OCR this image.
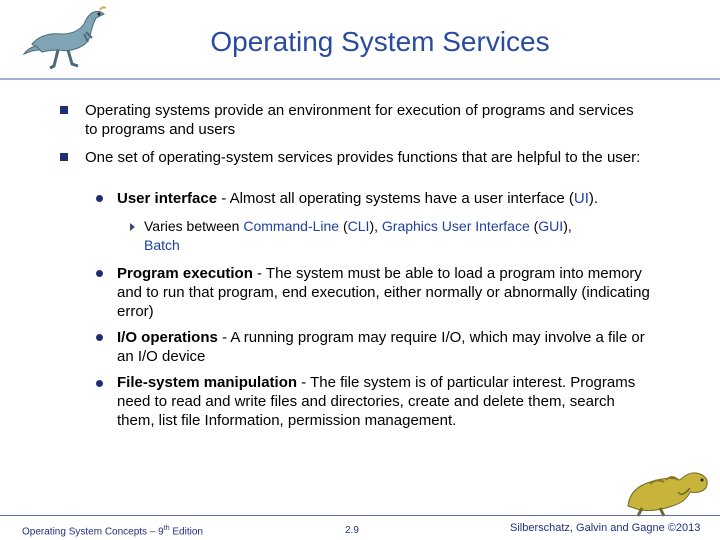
Operating System Services
Operating systems provide an environment for execution of programs and services to programs and users
One set of operating-system services provides functions that are helpful to the user:
User interface - Almost all operating systems have a user interface (UI).
Varies between Command-Line (CLI), Graphics User Interface (GUI),
Batch
Program execution - The system must be able to load a program into memory and to run that program, end execution, either normally or abnormally (indicating error)
I/O operations - A running program may require I/O, which may involve a file or an I/O device
File-system manipulation - The file system is of particular interest. Programs need to read and write files and directories, create and delete them, search them, list file Information, permission management.
Operating System Concepts – 9th Edition	2.9	Silberschatz, Galvin and Gagne ©2013
